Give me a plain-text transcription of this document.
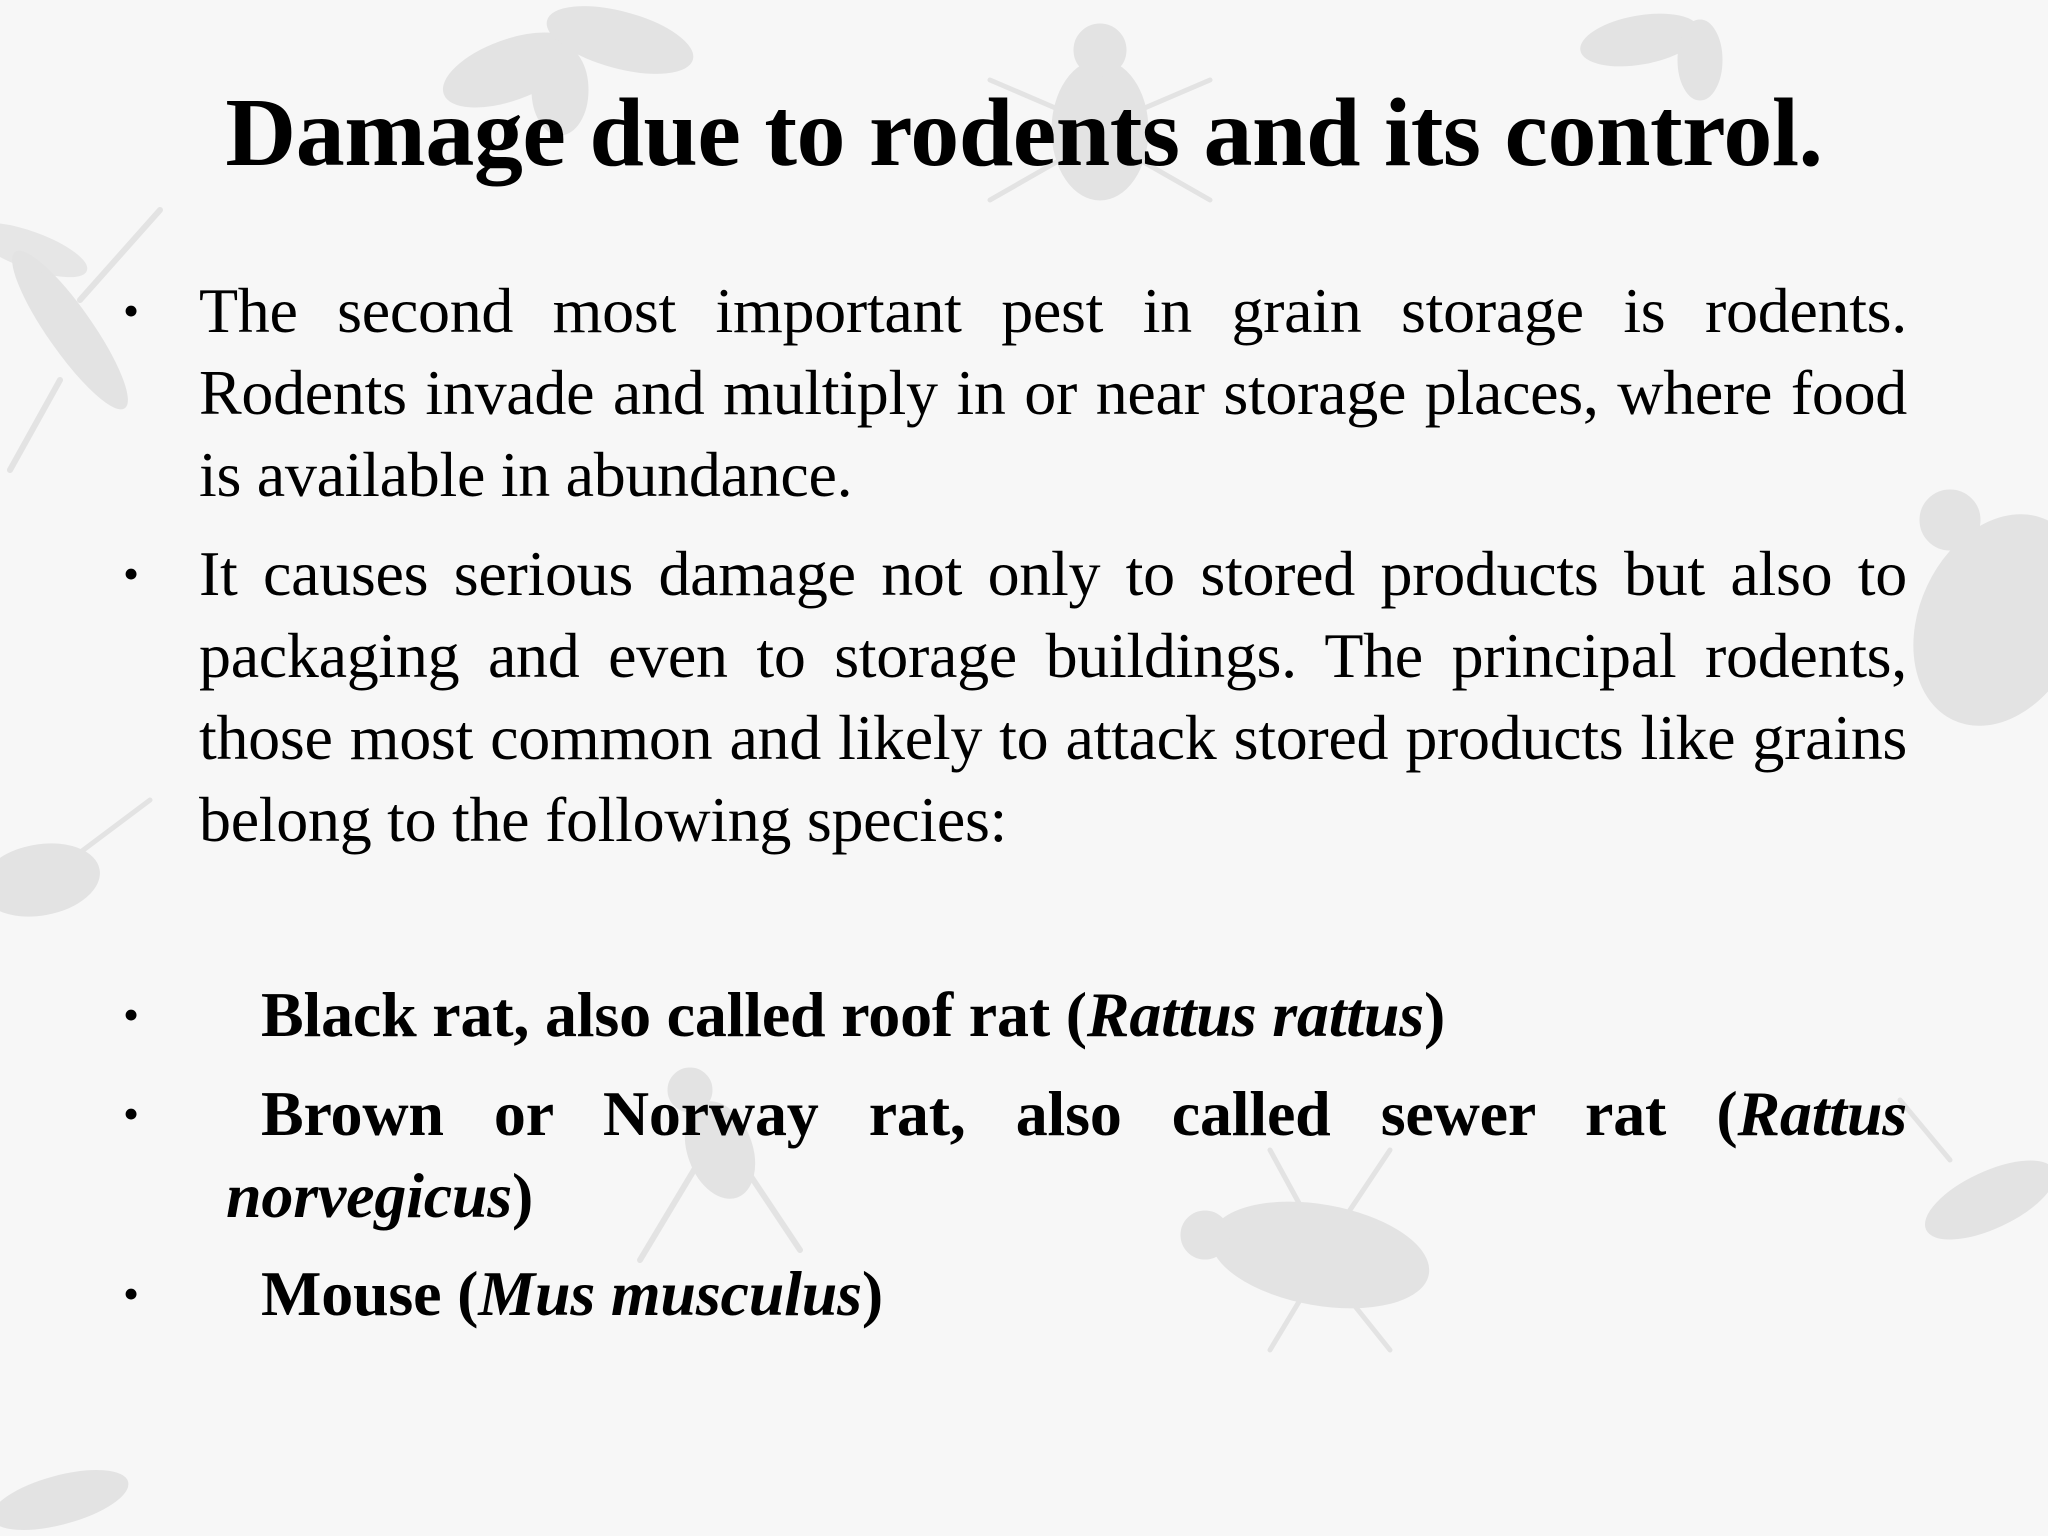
Damage due to rodents and its control.
• The second most important pest in grain storage is rodents. Rodents invade and multiply in or near storage places, where food is available in abundance.
• It causes serious damage not only to stored products but also to packaging and even to storage buildings. The principal rodents, those most common and likely to attack stored products like grains belong to the following species:
• Black rat, also called roof rat (Rattus rattus)
•	Brown or Norway rat, also called sewer rat (Rattus norvegicus)
• Mouse (Mus musculus)
